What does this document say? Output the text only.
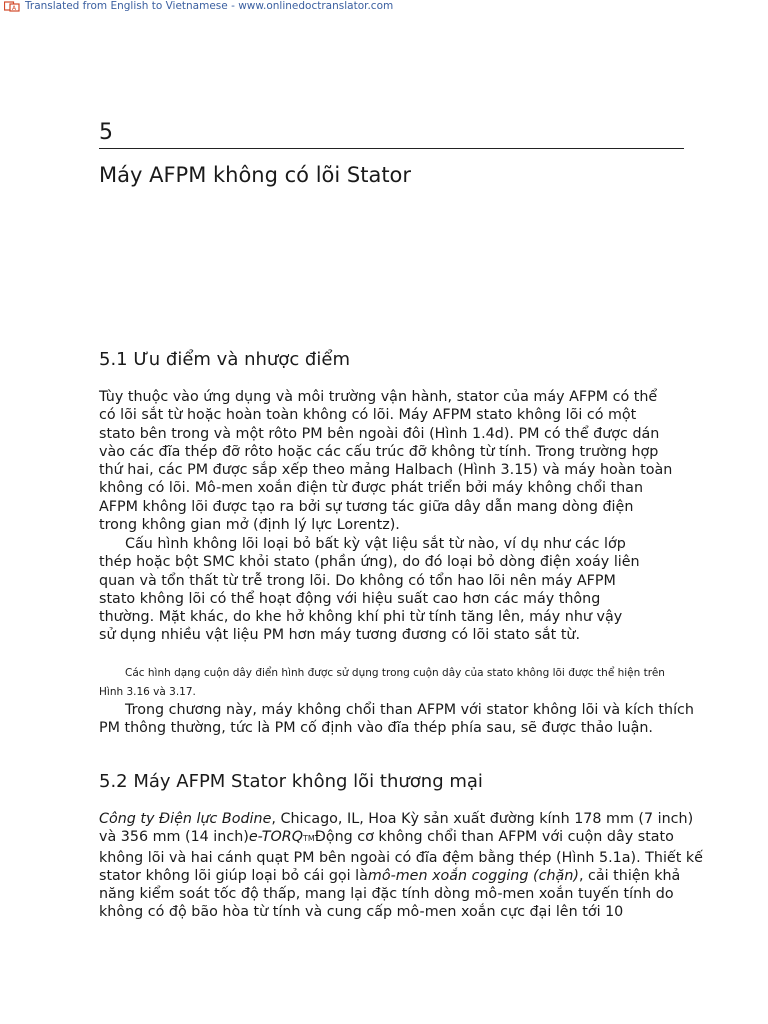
A Translated from English to Vietnamese - www.onlinedoctranslator.com
5
Máy AFPM không có lõi Stator
5.1 Ưu điểm và nhược điểm

Tùy thuộc vào ứng dụng và môi trường vận hành, stator của máy AFPM có thể
có lõi sắt từ hoặc hoàn toàn không có lõi. Máy AFPM stato không lõi có một
stato bên trong và một rôto PM bên ngoài đôi (Hình 1.4d). PM có thể được dán
vào các đĩa thép đỡ rôto hoặc các cấu trúc đỡ không từ tính. Trong trường hợp
thứ hai, các PM được sắp xếp theo mảng Halbach (Hình 3.15) và máy hoàn toàn
không có lõi. Mô-men xoắn điện từ được phát triển bởi máy không chổi than
AFPM không lõi được tạo ra bởi sự tương tác giữa dây dẫn mang dòng điện
trong không gian mở (định lý lực Lorentz).

Cấu hình không lõi loại bỏ bất kỳ vật liệu sắt từ nào, ví dụ như các lớp
thép hoặc bột SMC khỏi stato (phần ứng), do đó loại bỏ dòng điện xoáy liên
quan và tổn thất từ trễ trong lõi. Do không có tổn hao lõi nên máy AFPM
stato không lõi có thể hoạt động với hiệu suất cao hơn các máy thông
thường. Mặt khác, do khe hở không khí phi từ tính tăng lên, máy như vậy
sử dụng nhiều vật liệu PM hơn máy tương đương có lõi stato sắt từ.

Các hình dạng cuộn dây điển hình được sử dụng trong cuộn dây của stato không lõi được thể hiện trên
Hình 3.16 và 3.17.

Trong chương này, máy không chổi than AFPM với stator không lõi và kích thích
PM thông thường, tức là PM cố định vào đĩa thép phía sau, sẽ được thảo luận.

5.2 Máy AFPM Stator không lõi thương mại

Công ty Điện lực Bodine, Chicago, IL, Hoa Kỳ sản xuất đường kính 178 mm (7 inch)
và 356 mm (14 inch)e-TORQTMĐộng cơ không chổi than AFPM với cuộn dây stato
không lõi và hai cánh quạt PM bên ngoài có đĩa đệm bằng thép (Hình 5.1a). Thiết kế
stator không lõi giúp loại bỏ cái gọi làmô-men xoắn cogging (chặn), cải thiện khả
năng kiểm soát tốc độ thấp, mang lại đặc tính dòng mô-men xoắn tuyến tính do
không có độ bão hòa từ tính và cung cấp mô-men xoắn cực đại lên tới 10
